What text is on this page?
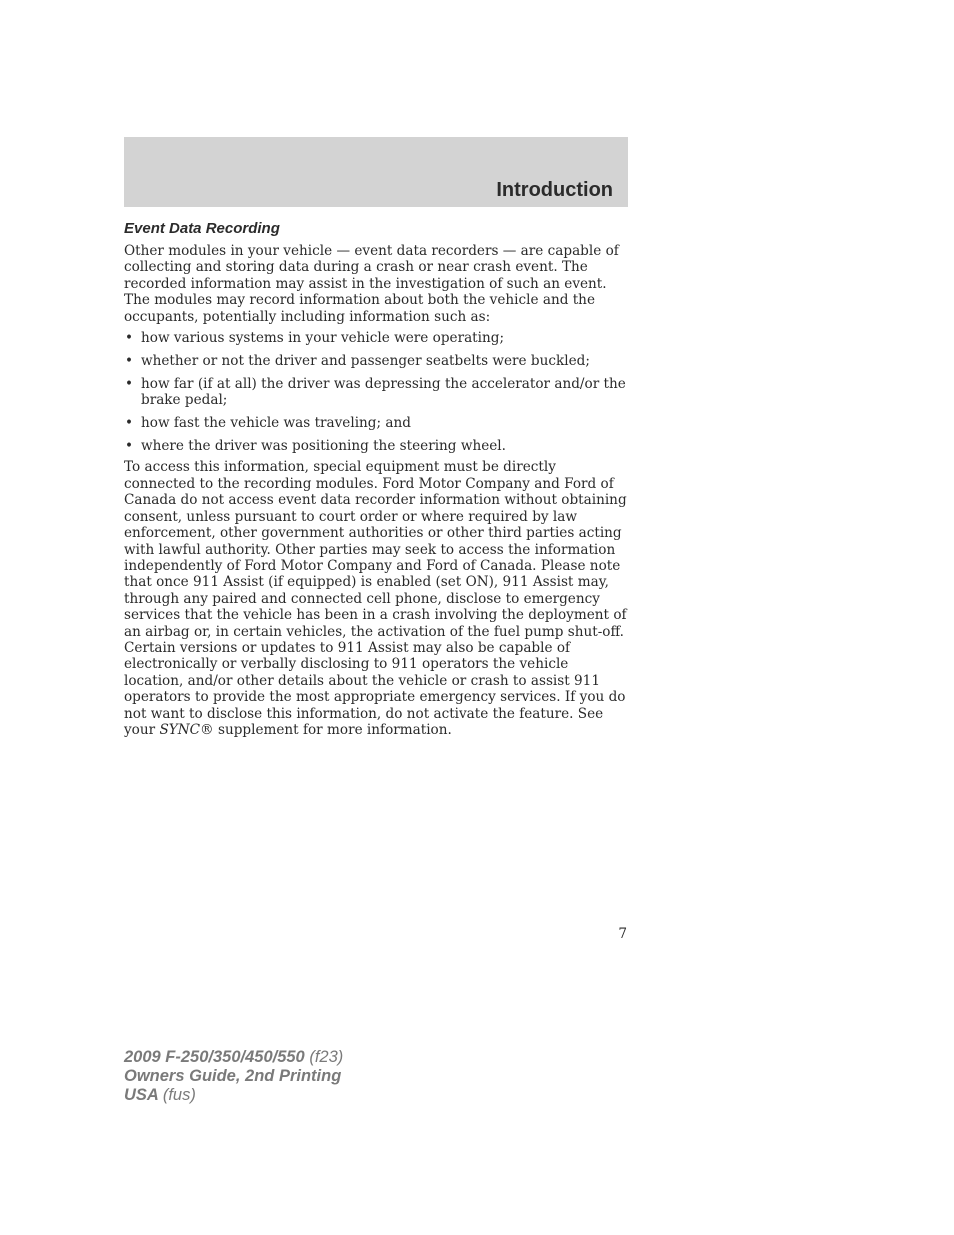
Introduction
Event Data Recording

Other modules in your vehicle — event data recorders — are capable of collecting and storing data during a crash or near crash event. The recorded information may assist in the investigation of such an event. The modules may record information about both the vehicle and the occupants, potentially including information such as:

• how various systems in your vehicle were operating;
• whether or not the driver and passenger seatbelts were buckled;
• how far (if at all) the driver was depressing the accelerator and/or the brake pedal;
• how fast the vehicle was traveling; and
• where the driver was positioning the steering wheel.

To access this information, special equipment must be directly connected to the recording modules. Ford Motor Company and Ford of Canada do not access event data recorder information without obtaining consent, unless pursuant to court order or where required by law enforcement, other government authorities or other third parties acting with lawful authority. Other parties may seek to access the information independently of Ford Motor Company and Ford of Canada. Please note that once 911 Assist (if equipped) is enabled (set ON), 911 Assist may, through any paired and connected cell phone, disclose to emergency services that the vehicle has been in a crash involving the deployment of an airbag or, in certain vehicles, the activation of the fuel pump shut-off. Certain versions or updates to 911 Assist may also be capable of electronically or verbally disclosing to 911 operators the vehicle location, and/or other details about the vehicle or crash to assist 911 operators to provide the most appropriate emergency services. If you do not want to disclose this information, do not activate the feature. See your SYNC® supplement for more information.

7
2009 F-250/350/450/550 (f23)
Owners Guide, 2nd Printing
USA (fus)
